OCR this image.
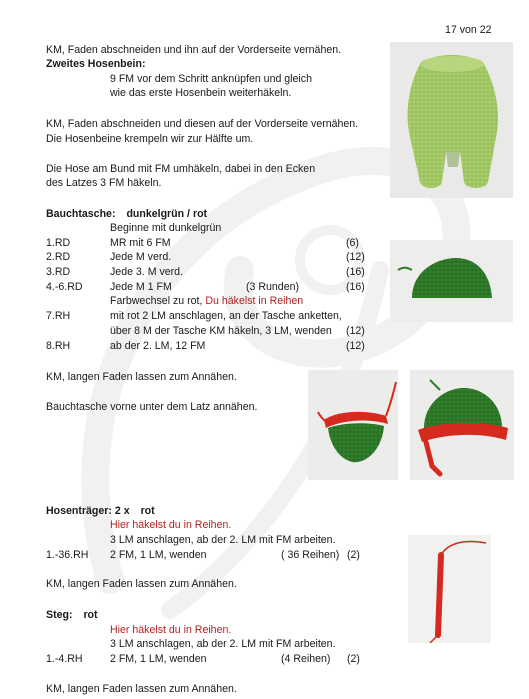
17 von 22
KM, Faden abschneiden und ihn auf der Vorderseite vernähen.
Zweites Hosenbein:
9 FM vor dem Schritt anknüpfen und gleich
wie das erste Hosenbein weiterhäkeln.
KM, Faden abschneiden und diesen auf der Vorderseite vernähen.
Die Hosenbeine krempeln wir zur Hälfte um.
Die Hose am Bund mit FM umhäkeln, dabei in den Ecken
des Latzes 3 FM häkeln.
Bauchtasche: dunkelgrün / rot
Beginne mit dunkelgrün
1.RD	MR mit 6 FM	(6)
2.RD	Jede M verd.	(12)
3.RD	Jede 3. M verd.	(16)
4.-6.RD	Jede M 1 FM	(3 Runden)	(16)
Farbwechsel zu rot, Du häkelst in Reihen
7.RH	mit rot 2 LM anschlagen, an der Tasche anketten,
über 8 M der Tasche KM häkeln, 3 LM, wenden (12)
8.RH	ab der 2. LM, 12 FM	(12)
KM, langen Faden lassen zum Annähen.
Bauchtasche vorne unter dem Latz annähen.
Hosenträger: 2 x rot
Hier häkelst du in Reihen.
3 LM anschlagen, ab der 2. LM mit FM arbeiten.
1.-36.RH 2 FM, 1 LM, wenden	( 36 Reihen) (2)
KM, langen Faden lassen zum Annähen.
Steg: rot
Hier häkelst du in Reihen.
3 LM anschlagen, ab der 2. LM mit FM arbeiten.
1.-4.RH	2 FM, 1 LM, wenden	(4 Reihen) (2)
KM, langen Faden lassen zum Annähen.
